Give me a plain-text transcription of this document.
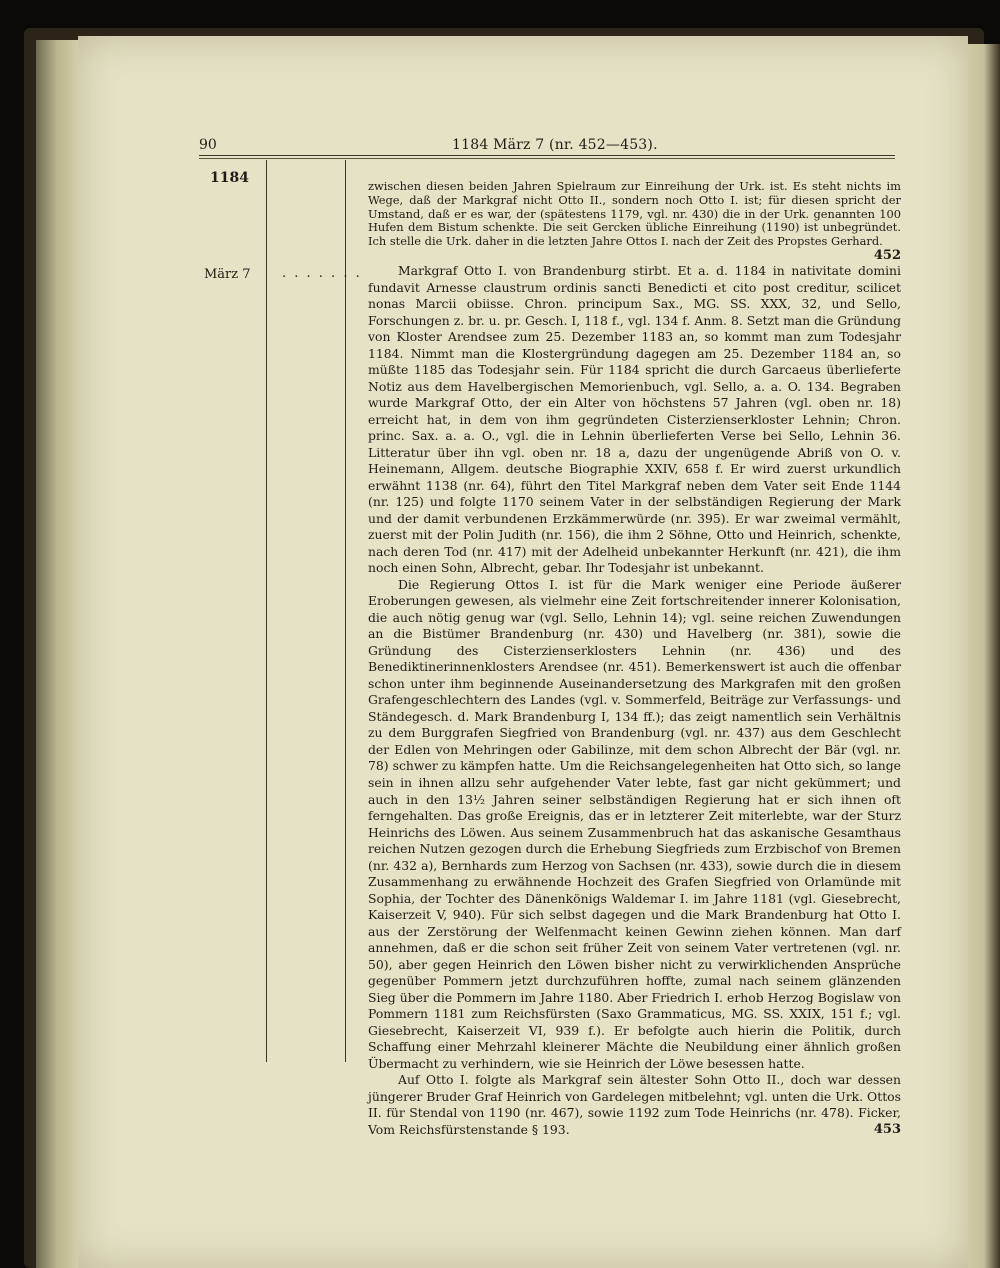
90	1184 März 7 (nr. 452—453).
1184
März 7 . . . . . . .

zwischen diesen beiden Jahren Spielraum zur Einreihung der Urk. ist. Es steht nichts im Wege, daß der Markgraf nicht Otto II., sondern noch Otto I. ist; für diesen spricht der Umstand, daß er es war, der (spätestens 1179, vgl. nr. 430) die in der Urk. genannten 100 Hufen dem Bistum schenkte. Die seit Gercken übliche Einreihung (1190) ist unbegründet. Ich stelle die Urk. daher in die letzten Jahre Ottos I. nach der Zeit des Propstes Gerhard.
452

Markgraf Otto I. von Brandenburg stirbt. Et a. d. 1184 in nativitate domini fundavit Arnesse claustrum ordinis sancti Benedicti et cito post creditur, scilicet nonas Marcii obiisse. Chron. principum Sax., MG. SS. XXX, 32, und Sello, Forschungen z. br. u. pr. Gesch. I, 118 f., vgl. 134 f. Anm. 8. Setzt man die Gründung von Kloster Arendsee zum 25. Dezember 1183 an, so kommt man zum Todesjahr 1184. Nimmt man die Klostergründung dagegen am 25. Dezember 1184 an, so müßte 1185 das Todesjahr sein. Für 1184 spricht die durch Garcaeus überlieferte Notiz aus dem Havelbergischen Memorienbuch, vgl. Sello, a. a. O. 134. Begraben wurde Markgraf Otto, der ein Alter von höchstens 57 Jahren (vgl. oben nr. 18) erreicht hat, in dem von ihm gegründeten Cisterzienserkloster Lehnin; Chron. princ. Sax. a. a. O., vgl. die in Lehnin überlieferten Verse bei Sello, Lehnin 36. Litteratur über ihn vgl. oben nr. 18 a, dazu der ungenügende Abriß von O. v. Heinemann, Allgem. deutsche Biographie XXIV, 658 f. Er wird zuerst urkundlich erwähnt 1138 (nr. 64), führt den Titel Markgraf neben dem Vater seit Ende 1144 (nr. 125) und folgte 1170 seinem Vater in der selbständigen Regierung der Mark und der damit verbundenen Erzkämmerwürde (nr. 395). Er war zweimal vermählt, zuerst mit der Polin Judith (nr. 156), die ihm 2 Söhne, Otto und Heinrich, schenkte, nach deren Tod (nr. 417) mit der Adelheid unbekannter Herkunft (nr. 421), die ihm noch einen Sohn, Albrecht, gebar. Ihr Todesjahr ist unbekannt.

Die Regierung Ottos I. ist für die Mark weniger eine Periode äußerer Eroberungen gewesen, als vielmehr eine Zeit fortschreitender innerer Kolonisation, die auch nötig genug war (vgl. Sello, Lehnin 14); vgl. seine reichen Zuwendungen an die Bistümer Brandenburg (nr. 430) und Havelberg (nr. 381), sowie die Gründung des Cisterzienserklosters Lehnin (nr. 436) und des Benediktinerinnenklosters Arendsee (nr. 451). Bemerkenswert ist auch die offenbar schon unter ihm beginnende Auseinandersetzung des Markgrafen mit den großen Grafengeschlechtern des Landes (vgl. v. Sommerfeld, Beiträge zur Verfassungs- und Ständegesch. d. Mark Brandenburg I, 134 ff.); das zeigt namentlich sein Verhältnis zu dem Burggrafen Siegfried von Brandenburg (vgl. nr. 437) aus dem Geschlecht der Edlen von Mehringen oder Gabilinze, mit dem schon Albrecht der Bär (vgl. nr. 78) schwer zu kämpfen hatte. Um die Reichsangelegenheiten hat Otto sich, so lange sein in ihnen allzu sehr aufgehender Vater lebte, fast gar nicht gekümmert; und auch in den 13½ Jahren seiner selbständigen Regierung hat er sich ihnen oft ferngehalten. Das große Ereignis, das er in letzterer Zeit miterlebte, war der Sturz Heinrichs des Löwen. Aus seinem Zusammenbruch hat das askanische Gesamthaus reichen Nutzen gezogen durch die Erhebung Siegfrieds zum Erzbischof von Bremen (nr. 432 a), Bernhards zum Herzog von Sachsen (nr. 433), sowie durch die in diesem Zusammenhang zu erwähnende Hochzeit des Grafen Siegfried von Orlamünde mit Sophia, der Tochter des Dänenkönigs Waldemar I. im Jahre 1181 (vgl. Giesebrecht, Kaiserzeit V, 940). Für sich selbst dagegen und die Mark Brandenburg hat Otto I. aus der Zerstörung der Welfenmacht keinen Gewinn ziehen können. Man darf annehmen, daß er die schon seit früher Zeit von seinem Vater vertretenen (vgl. nr. 50), aber gegen Heinrich den Löwen bisher nicht zu verwirklichenden Ansprüche gegenüber Pommern jetzt durchzuführen hoffte, zumal nach seinem glänzenden Sieg über die Pommern im Jahre 1180. Aber Friedrich I. erhob Herzog Bogislaw von Pommern 1181 zum Reichsfürsten (Saxo Grammaticus, MG. SS. XXIX, 151 f.; vgl. Giesebrecht, Kaiserzeit VI, 939 f.). Er befolgte auch hierin die Politik, durch Schaffung einer Mehrzahl kleinerer Mächte die Neubildung einer ähnlich großen Übermacht zu verhindern, wie sie Heinrich der Löwe besessen hatte.

Auf Otto I. folgte als Markgraf sein ältester Sohn Otto II., doch war dessen jüngerer Bruder Graf Heinrich von Gardelegen mitbelehnt; vgl. unten die Urk. Ottos II. für Stendal von 1190 (nr. 467), sowie 1192 zum Tode Heinrichs (nr. 478). Ficker, Vom Reichsfürstenstande § 193.	453
